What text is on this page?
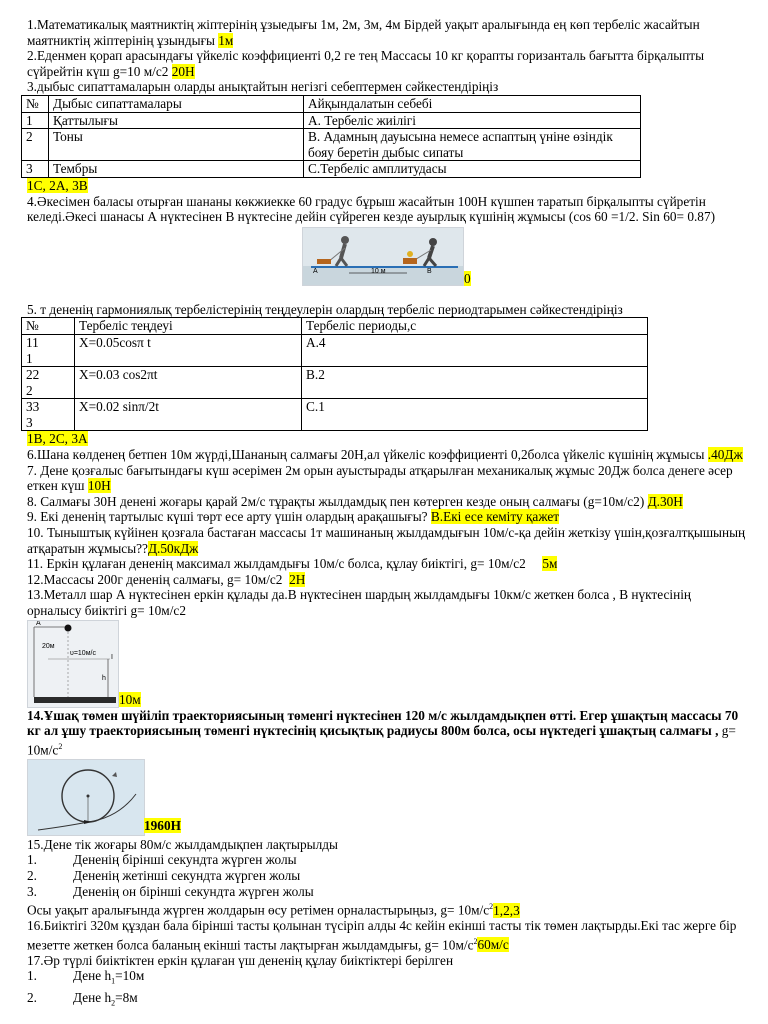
1.Математикалық маятниктің жіптерінің ұзыедығы 1м, 2м, 3м, 4м Бірдей уақыт аралығында ең көп тербеліс жасайтын маятниктің жіптерінің ұзындығы 1м

2.Еденмен қорап арасындағы үйкеліс коэффициенті 0,2 ге тең Массасы 10 кг қорапты горизанталь бағытта бірқалыпты сүйрейтін күш g=10 м/с2 20Н

3.дыбыс сипаттамаларын оларды анықтайтын негізгі себептермен сәйкестендіріңіз

№	Дыбыс сипаттамалары	Айқындалатын себебі
1	Қаттылығы	А. Тербеліс жиілігі
2	Тоны	В. Адамның дауысына немесе аспаптың үніне өзіндік бояу беретін дыбыс сипаты
3	Тембры	С.Тербеліс амплитудасы

1С, 2А, 3В

4.Әкесімен баласы отырған шананы көкжиекке 60 градус бұрыш жасайтын 100Н күшпен таратып бірқалыпты сүйретін келеді.Әкесі шанасы А нүктесінен В нүктесіне дейін сүйреген кезде ауырлық күшінің жұмысы (cos 60 =1/2. Sin 60= 0.87)

A	10 м	B 0

5. т дененің гармониялық тербелістерінің теңдеулерін олардың тербеліс периодтарымен сәйкестендіріңіз

№	Тербеліс теңдеуі	Тербеліс периоды,с
11
1	X=0.05cosπ t	А.4
22
2	X=0.03 cos2πt	В.2
33
3	X=0.02 sinπ/2t	С.1

1В, 2С, 3А

6.Шана көлденең бетпен 10м жүрді,Шананың салмағы 20Н,ал үйкеліс коэффициенті 0,2болса үйкеліс күшінің жұмысы .40Дж

7. Дене қозғалыс бағытындағы күш әсерімен 2м орын ауыстырады атқарылған механикалық жұмыс 20Дж болса денеге әсер еткен күш 10Н

8. Салмағы 30Н денені жоғары қарай 2м/с тұрақты жылдамдық пен көтерген кезде оның салмағы (g=10м/с2) Д.30Н

9. Екі дененің тартылыс күші төрт есе арту үшін олардың арақашығы? В.Екі есе кеміту қажет

10. Тыныштық күйінен қозғала бастаған массасы 1т машинаның жылдамдығын 10м/с-қа дейін жеткізу үшін,қозғалтқышының атқаратын жұмысы??Д.50кДж

11. Еркін құлаған дененің максимал жылдамдығы 10м/с болса, құлау биіктігі, g= 10м/с2     5м

12.Массасы 200г дененің салмағы, g= 10м/с2  2Н

13.Металл шар А нүктесінен еркін құлады да.В нүктесінен шардың жылдамдығы 10км/с жеткен болса , В нүктесінің орналысу биіктігі g= 10м/с2

A
20м
υ=10м/с
h
I
10м

14.Ұшақ төмен шүйіліп траекториясының төменгі нүктесінен 120 м/с жылдамдықпен өтті. Егер ұшақтың массасы 70 кг ал ұшу траекториясының төменгі нүктесінің қисықтық радиусы 800м болса, осы нүктедегі ұшақтың салмағы , $g= 10м/с^2$

1960Н

15.Дене тік жоғары 80м/с жылдамдықпен лақтырылды

1.	Дененің бірінші секундта жүрген жолы
2.	Дененің жетінші секундта жүрген жолы
3.	Дененің он бірінші секундта жүрген жолы

Осы уақыт аралығында жүрген жолдарын өсу ретімен орналастырыңыз, $g= 10м/с^21,2,3$

16.Биіктігі 320м құздан бала бірінші тасты қолынан түсіріп алды 4с кейін екінші тасты тік төмен лақтырды.Екі тас жерге бір мезетте жеткен болса баланың екінші тасты лақтырған жылдамдығы, $g= 10м/с^260м/с$

17.Әр түрлі биіктіктен еркін құлаған үш дененің құлау биіктіктері берілген

1.	Дене $h_1=10м$
2.	Дене $h_2=8м$
